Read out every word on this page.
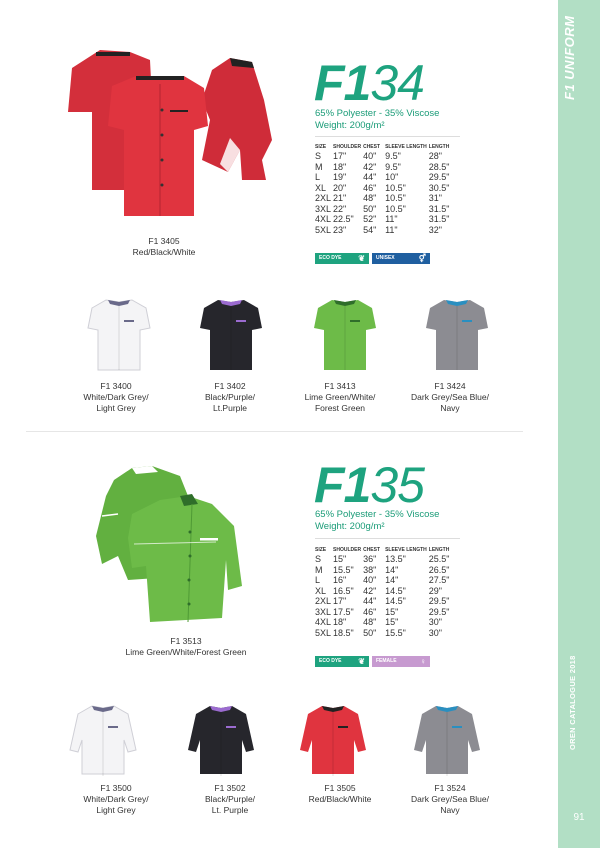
F1 UNIFORM
OREN CATALOGUE 2018
91
F1 3405
Red/Black/White
F134
65% Polyester - 35% Viscose
Weight: 200g/m²
SIZE	SHOULDER	CHEST	SLEEVE LENGTH	LENGTH
S	17"	40"	9.5"	28"
M	18"	42"	9.5"	28.5"
L	19"	44"	10"	29.5"
XL	20"	46"	10.5"	30.5"
2XL	21"	48"	10.5"	31"
3XL	22"	50"	10.5"	31.5"
4XL	22.5"	52"	11"	31.5"
5XL	23"	54"	11"	32"
ECO DYE ❦	UNISEX	⚥
F1 3400
White/Dark Grey/
Light Grey
F1 3402
Black/Purple/
Lt.Purple
F1 3413
Lime Green/White/
Forest Green
F1 3424
Dark Grey/Sea Blue/
Navy
F1 3513
Lime Green/White/Forest Green
F135
65% Polyester - 35% Viscose
Weight: 200g/m²
SIZE	SHOULDER	CHEST	SLEEVE LENGTH	LENGTH
S	15"	36"	13.5"	25.5"
M	15.5"	38"	14"	26.5"
L	16"	40"	14"	27.5"
XL	16.5"	42"	14.5"	29"
2XL	17"	44"	14.5"	29.5"
3XL	17.5"	46"	15"	29.5"
4XL	18"	48"	15"	30"
5XL	18.5"	50"	15.5"	30"
ECO DYE ❦	FEMALE	♀
F1 3500
White/Dark Grey/
Light Grey
F1 3502
Black/Purple/
Lt. Purple
F1 3505
Red/Black/White
F1 3524
Dark Grey/Sea Blue/
Navy
